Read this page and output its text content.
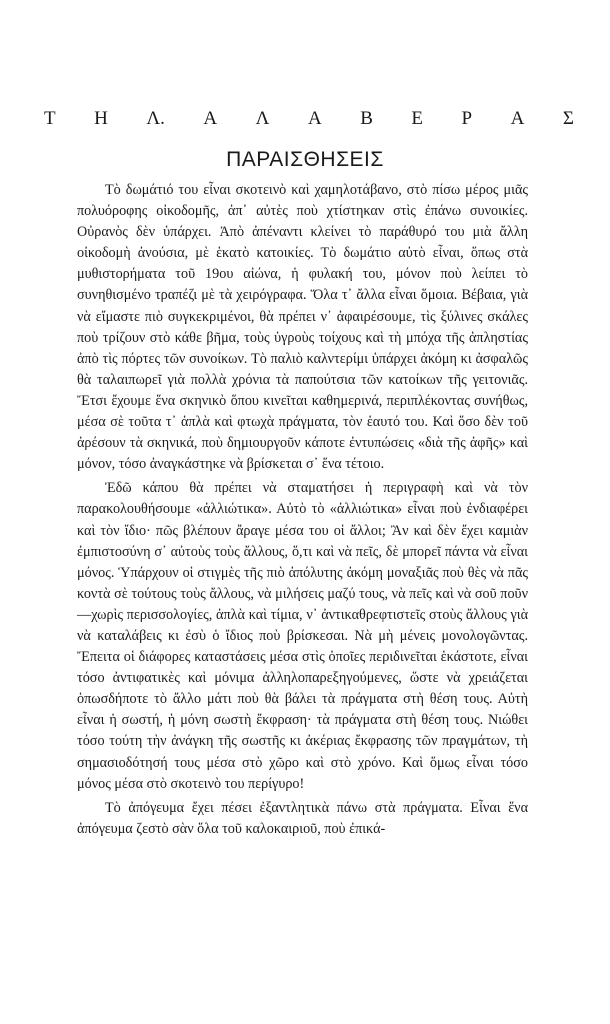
Τ Η Λ. Α Λ Α Β Ε Ρ Α Σ
ΠΑΡΑΙΣΘΗΣΕΙΣ

Τὸ δωμάτιό του εἶναι σκοτεινὸ καὶ χαμηλοτάβανο, στὸ πίσω μέρος μιᾶς πολυόροφης οἰκοδομῆς, ἀπ᾿ αὐτὲς ποὺ χτίστηκαν στὶς ἐπάνω συνοικίες. Οὐρανὸς δὲν ὑπάρχει. Ἀπὸ ἀπέναντι κλείνει τὸ παράθυρό του μιὰ ἄλλη οἰκοδομὴ ἀνούσια, μὲ ἑκατὸ κατοικίες. Τὸ δωμάτιο αὐτὸ εἶναι, ὅπως στὰ μυθιστορήματα τοῦ 19ου αἰώνα, ἡ φυλακή του, μόνον ποὺ λείπει τὸ συνηθισμένο τραπέζι μὲ τὰ χειρόγραφα. Ὅλα τ᾿ ἄλλα εἶναι ὅμοια. Βέβαια, γιὰ νὰ εἴμαστε πιὸ συγκεκριμένοι, θὰ πρέπει ν᾿ ἀφαιρέσουμε, τὶς ξύλινες σκάλες ποὺ τρίζουν στὸ κάθε βῆμα, τοὺς ὑγροὺς τοίχους καὶ τὴ μπόχα τῆς ἀπληστίας ἀπὸ τὶς πόρτες τῶν συνοίκων. Τὸ παλιὸ καλντερίμι ὑπάρχει ἀκόμη κι ἀσφαλῶς θὰ ταλαιπωρεῖ γιὰ πολλὰ χρόνια τὰ παπούτσια τῶν κατοίκων τῆς γειτονιᾶς. Ἔτσι ἔχουμε ἕνα σκηνικὸ ὅπου κινεῖται καθημερινά, περιπλέκοντας συνήθως, μέσα σὲ τοῦτα τ᾿ ἁπλὰ καὶ φτωχὰ πράγματα, τὸν ἑαυτό του. Καὶ ὅσο δὲν τοῦ ἀρέσουν τὰ σκηνικά, ποὺ δημιουργοῦν κάποτε ἐντυπώσεις «διὰ τῆς ἀφῆς» καὶ μόνον, τόσο ἀναγκάστηκε νὰ βρίσκεται σ᾿ ἕνα τέτοιο.

Ἐδῶ κάπου θὰ πρέπει νὰ σταματήσει ἡ περιγραφὴ καὶ νὰ τὸν παρακολουθήσουμε «ἀλλιώτικα». Αὐτὸ τὸ «ἀλλιώτικα» εἶναι ποὺ ἐνδιαφέρει καὶ τὸν ἴδιο· πῶς βλέπουν ἄραγε μέσα του οἱ ἄλλοι; Ἂν καὶ δὲν ἔχει καμιὰν ἐμπιστοσύνη σ᾿ αὐτοὺς τοὺς ἄλλους, ὅ,τι καὶ νὰ πεῖς, δὲ μπορεῖ πάντα νὰ εἶναι μόνος. Ὑπάρχουν οἱ στιγμὲς τῆς πιὸ ἀπόλυτης ἀκόμη μοναξιᾶς ποὺ θὲς νὰ πᾶς κοντὰ σὲ τούτους τοὺς ἄλλους, νὰ μιλήσεις μαζύ τους, νὰ πεῖς καὶ νὰ σοῦ ποῦν—χωρὶς περισσολογίες, ἁπλὰ καὶ τίμια, ν᾿ ἀντικαθρεφτιστεῖς στοὺς ἄλλους γιὰ νὰ καταλάβεις κι ἐσὺ ὁ ἴδιος ποὺ βρίσκεσαι. Νὰ μὴ μένεις μονολογῶντας. Ἔπειτα οἱ διάφορες καταστάσεις μέσα στὶς ὁποῖες περιδινεῖται ἑκάστοτε, εἶναι τόσο ἀντιφατικὲς καὶ μόνιμα ἀλληλοπαρεξηγούμενες, ὥστε νὰ χρειάζεται ὁπωσδήποτε τὸ ἄλλο μάτι ποὺ θὰ βάλει τὰ πράγματα στὴ θέση τους. Αὐτὴ εἶναι ἡ σωστή, ἡ μόνη σωστὴ ἔκφραση· τὰ πράγματα στὴ θέση τους. Νιώθει τόσο τούτη τὴν ἀνάγκη τῆς σωστῆς κι ἀκέριας ἔκφρασης τῶν πραγμάτων, τὴ σημασιοδότησή τους μέσα στὸ χῶρο καὶ στὸ χρόνο. Καὶ ὅμως εἶναι τόσο μόνος μέσα στὸ σκοτεινὸ του περίγυρο!

Τὸ ἀπόγευμα ἔχει πέσει ἐξαντλητικὰ πάνω στὰ πράγματα. Εἶναι ἕνα ἀπόγευμα ζεστὸ σὰν ὅλα τοῦ καλοκαιριοῦ, ποὺ ἐπικά-
